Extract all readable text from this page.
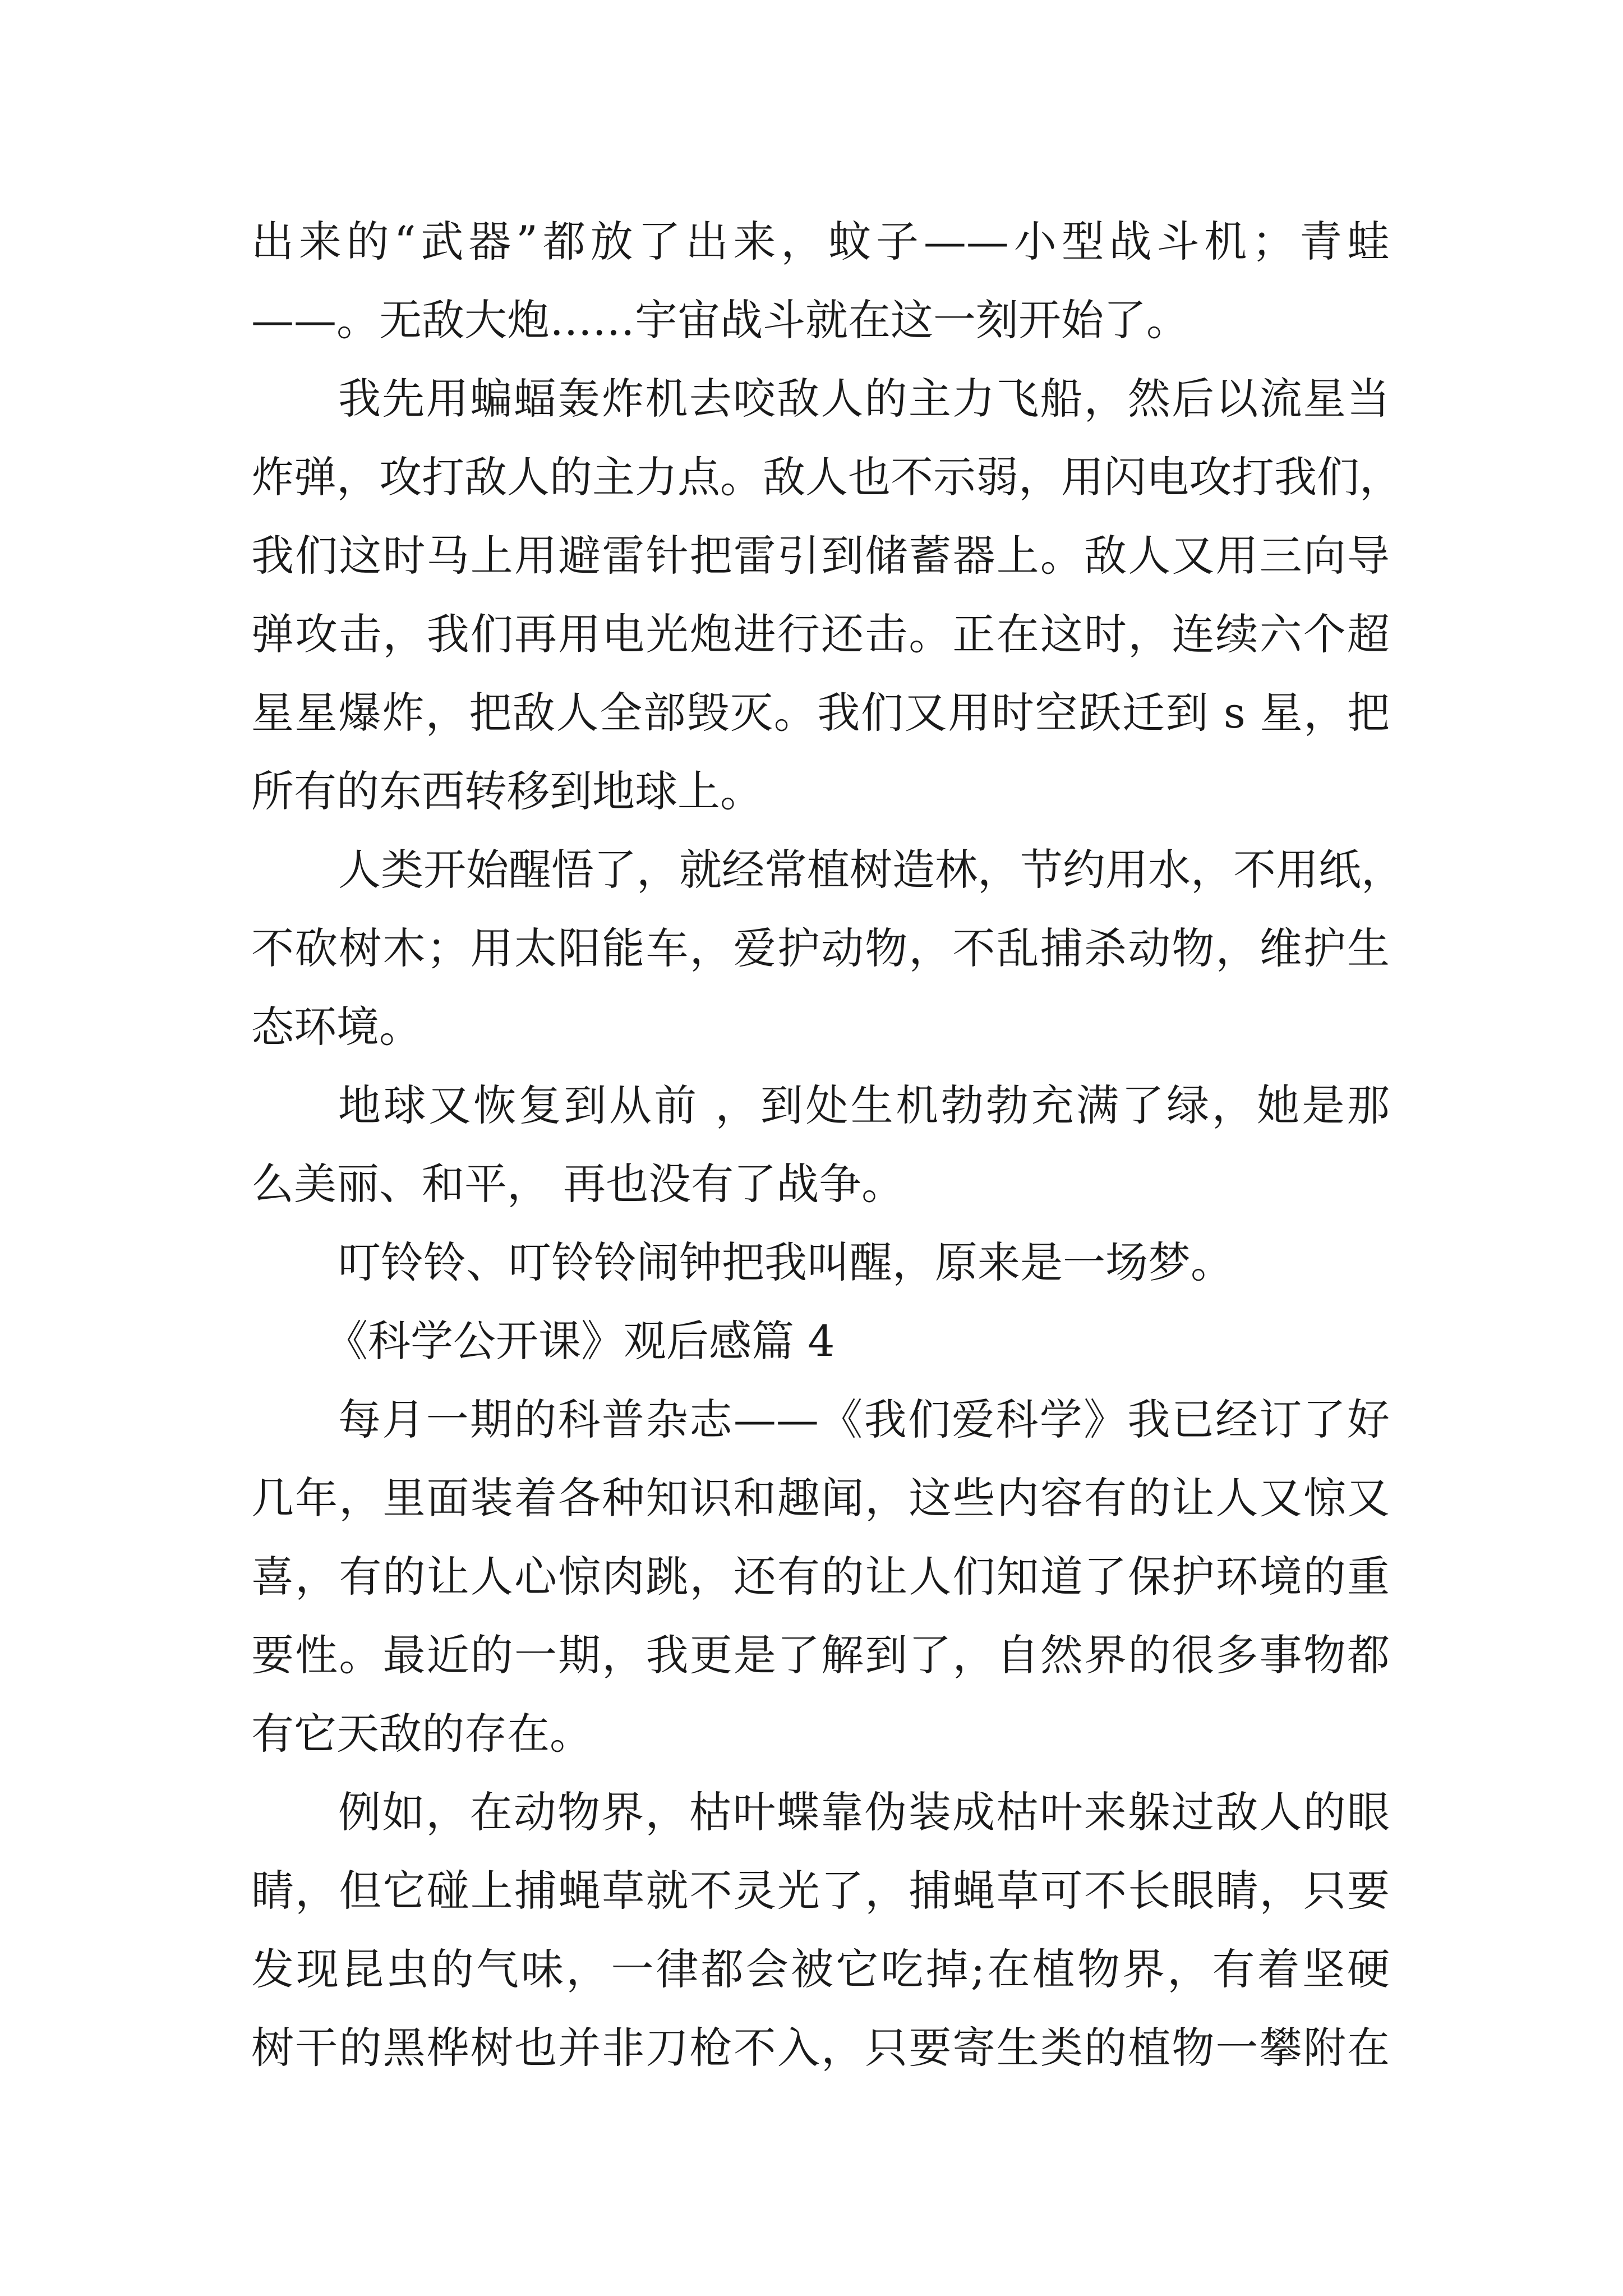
出来的“武器”都放了出来，蚊子——小型战斗机；青蛙
——。无敌大炮……宇宙战斗就在这一刻开始了。
我先用蝙蝠轰炸机去咬敌人的主力飞船，然后以流星当
炸弹，攻打敌人的主力点。敌人也不示弱，用闪电攻打我们，
我们这时马上用避雷针把雷引到储蓄器上。敌人又用三向导
弹攻击，我们再用电光炮进行还击。正在这时，连续六个超
星星爆炸，把敌人全部毁灭。我们又用时空跃迁到 s 星，把
所有的东西转移到地球上。
人类开始醒悟了，就经常植树造林，节约用水，不用纸，
不砍树木；用太阳能车，爱护动物，不乱捕杀动物，维护生
态环境。
地球又恢复到从前 ，到处生机勃勃充满了绿，她是那
么美丽、和平， 再也没有了战争。
叮铃铃、叮铃铃闹钟把我叫醒，原来是一场梦。
《科学公开课》观后感篇 4
每月一期的科普杂志——《我们爱科学》我已经订了好
几年，里面装着各种知识和趣闻，这些内容有的让人又惊又
喜，有的让人心惊肉跳，还有的让人们知道了保护环境的重
要性。最近的一期，我更是了解到了，自然界的很多事物都
有它天敌的存在。
例如，在动物界，枯叶蝶靠伪装成枯叶来躲过敌人的眼
睛，但它碰上捕蝇草就不灵光了，捕蝇草可不长眼睛，只要
发现昆虫的气味，一律都会被它吃掉;在植物界，有着坚硬
树干的黑桦树也并非刀枪不入，只要寄生类的植物一攀附在
